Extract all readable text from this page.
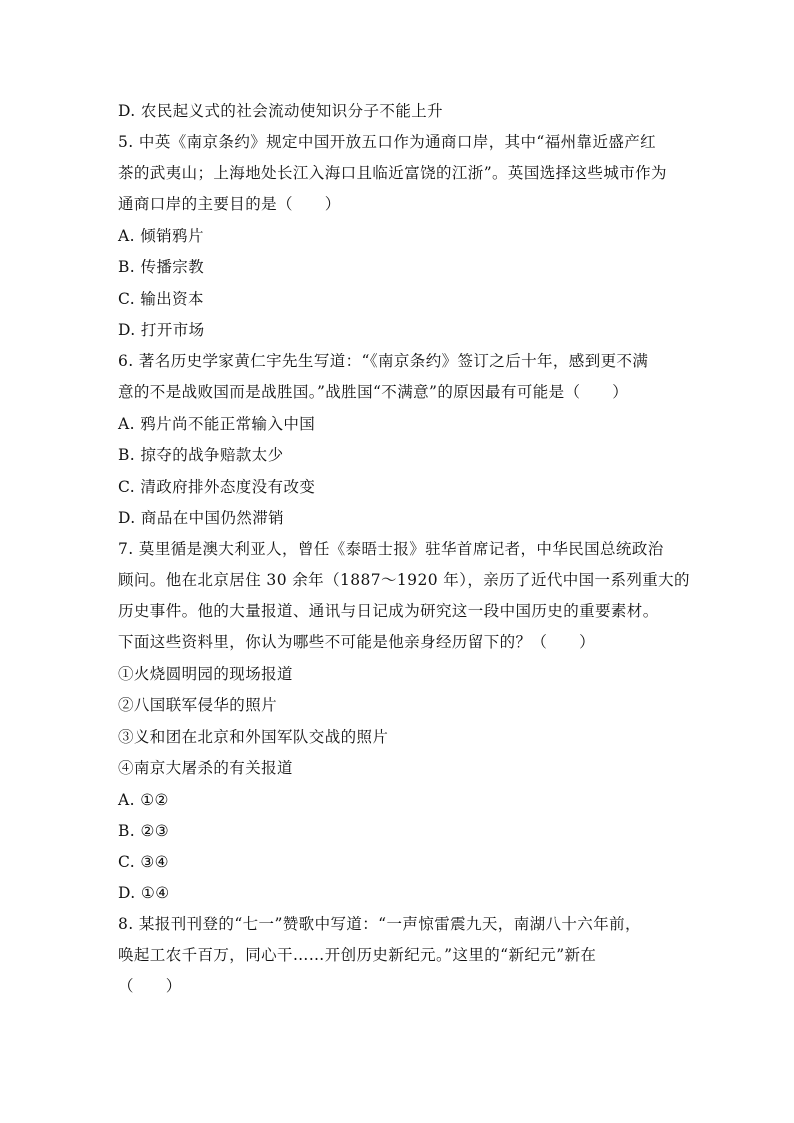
D. 农民起义式的社会流动使知识分子不能上升
5. 中英《南京条约》规定中国开放五口作为通商口岸，其中“福州靠近盛产红
茶的武夷山；上海地处长江入海口且临近富饶的江浙”。英国选择这些城市作为
通商口岸的主要目的是（　　）
A. 倾销鸦片
B. 传播宗教
C. 输出资本
D. 打开市场
6. 著名历史学家黄仁宇先生写道：“《南京条约》签订之后十年，感到更不满
意的不是战败国而是战胜国。”战胜国“不满意”的原因最有可能是（　　）
A. 鸦片尚不能正常输入中国
B. 掠夺的战争赔款太少
C. 清政府排外态度没有改变
D. 商品在中国仍然滞销
7. 莫里循是澳大利亚人，曾任《泰晤士报》驻华首席记者，中华民国总统政治
顾问。他在北京居住 30 余年（1887～1920 年），亲历了近代中国一系列重大的
历史事件。他的大量报道、通讯与日记成为研究这一段中国历史的重要素材。
下面这些资料里，你认为哪些不可能是他亲身经历留下的？（　　）
①火烧圆明园的现场报道
②八国联军侵华的照片
③义和团在北京和外国军队交战的照片
④南京大屠杀的有关报道
A. ①②
B. ②③
C. ③④
D. ①④
8. 某报刊刊登的“七一”赞歌中写道：“一声惊雷震九天，南湖八十六年前，
唤起工农千百万，同心干……开创历史新纪元。”这里的“新纪元”新在
（　　）
